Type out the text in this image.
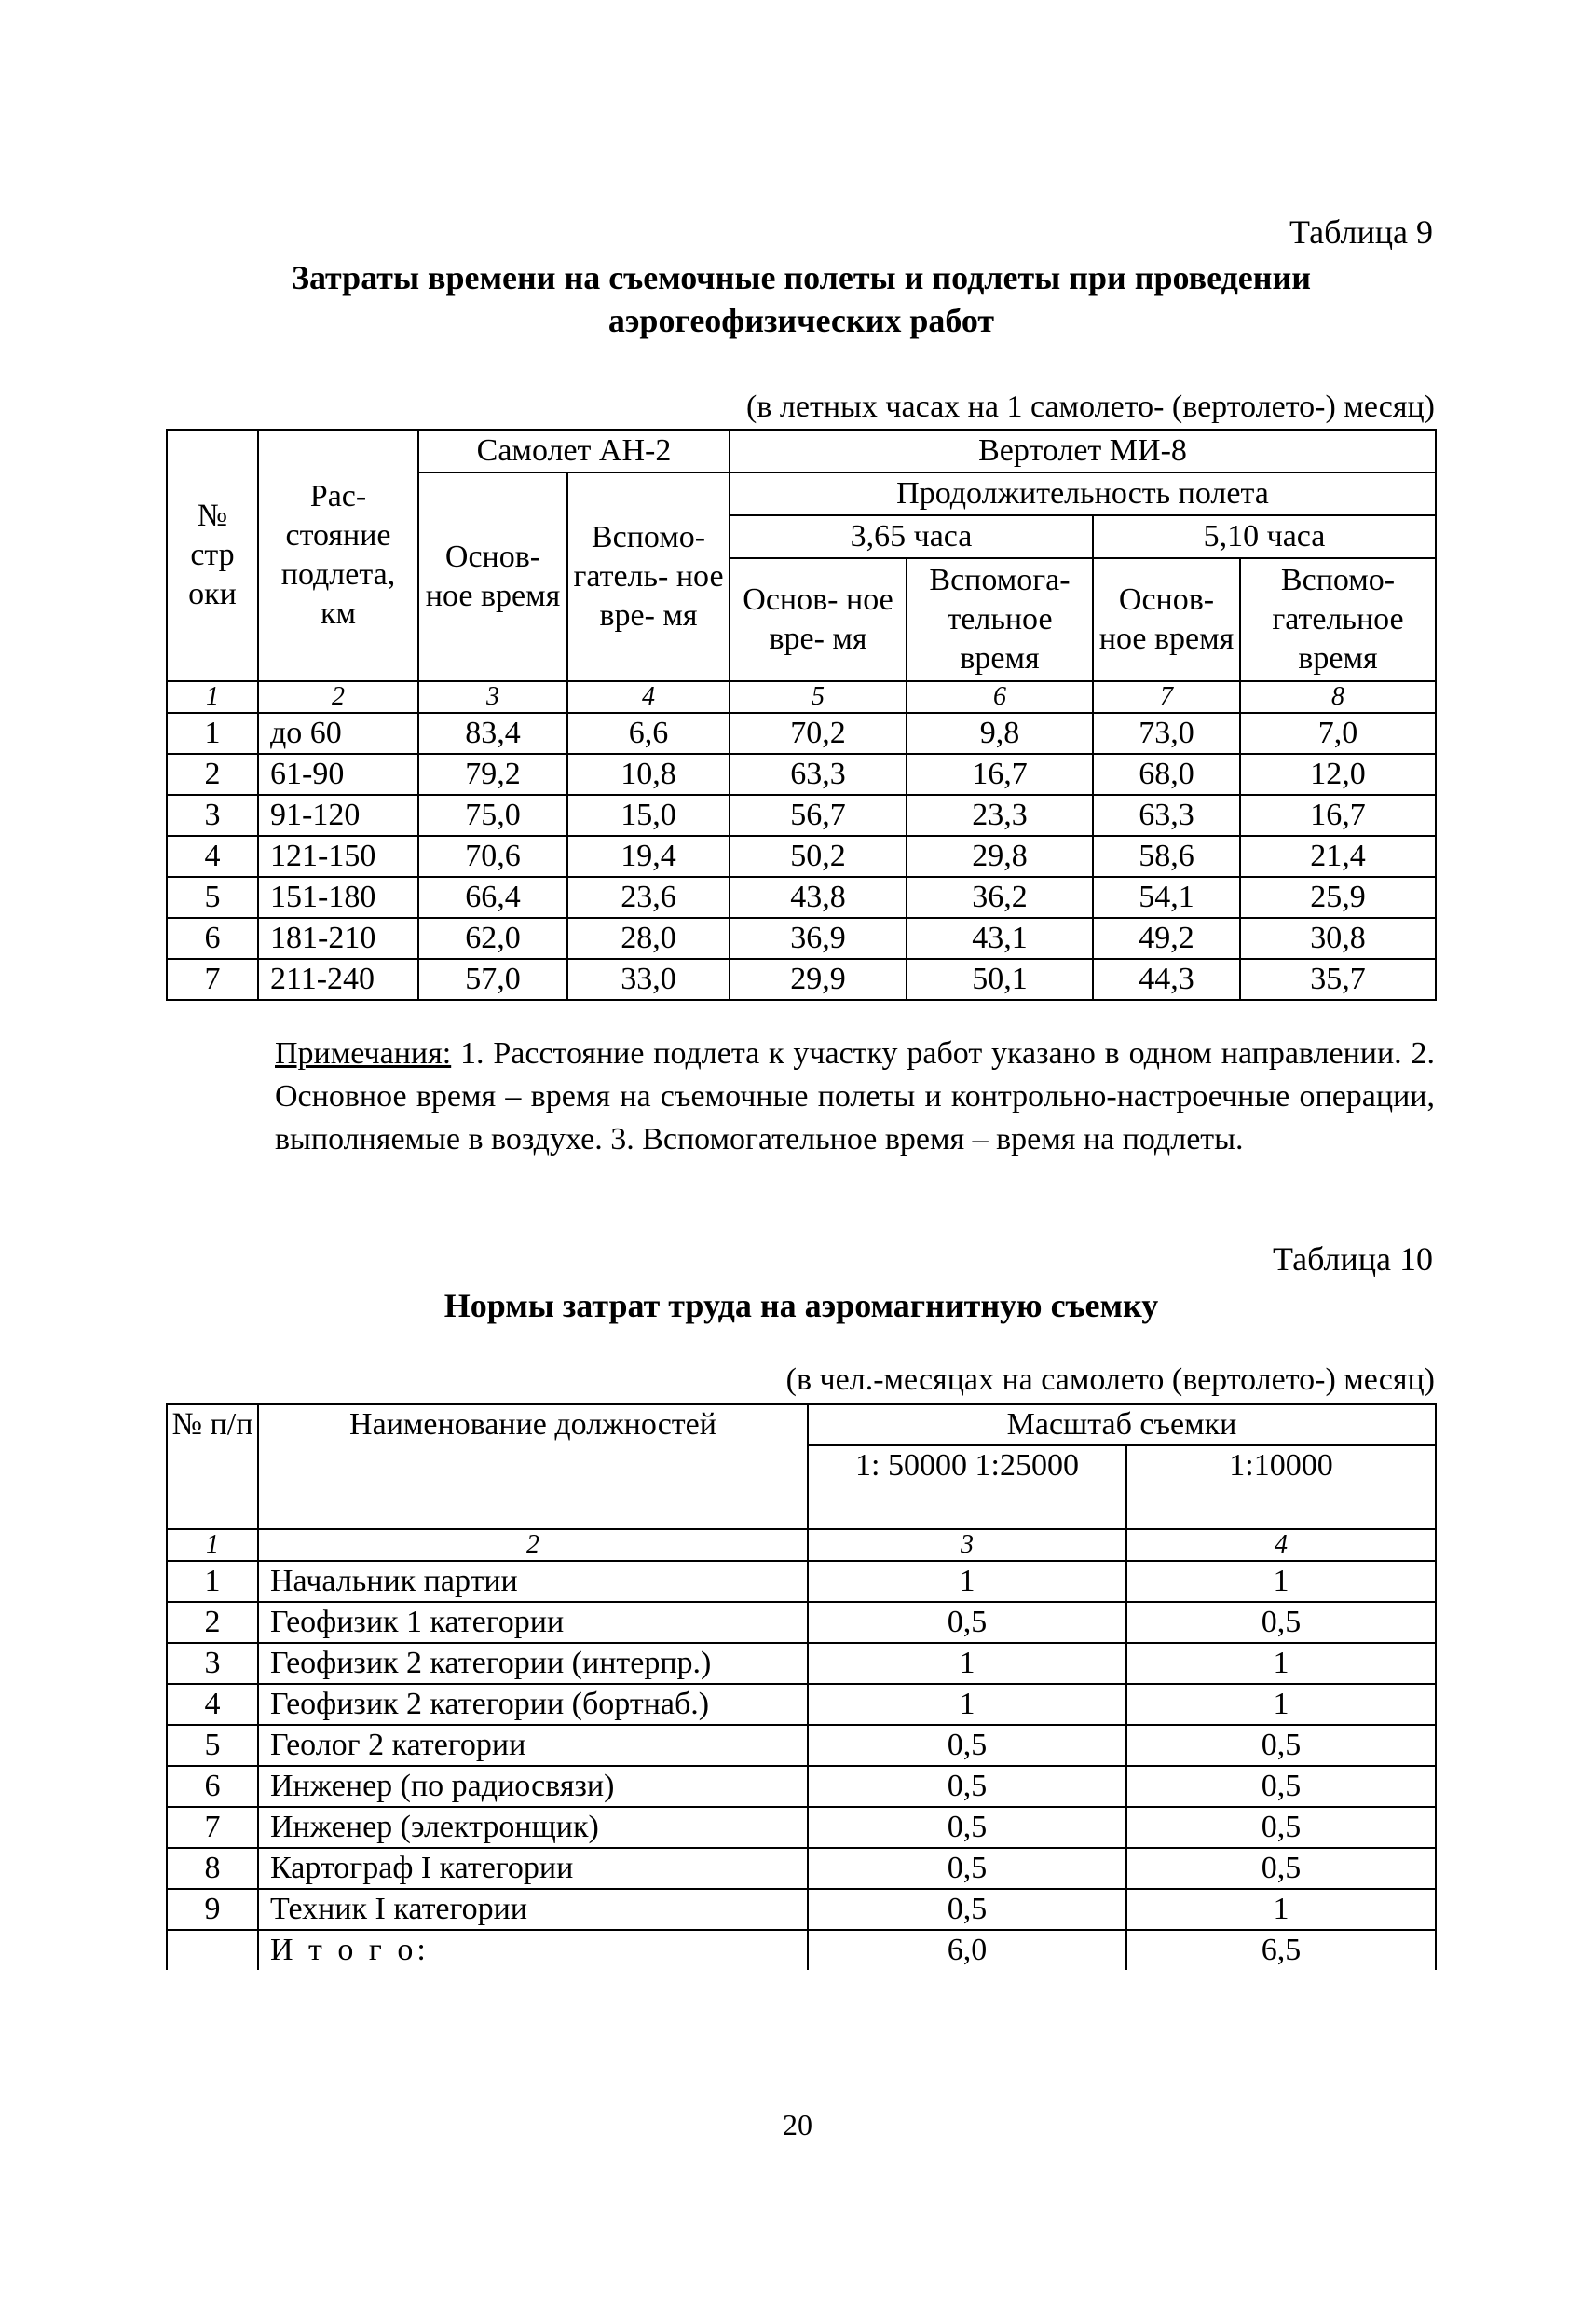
Таблица 9
Затраты времени на съемочные полеты и подлеты при проведении
аэрогеофизических работ
(в летных часах на 1 самолето- (вертолето-) месяц)
№ стр оки	Рас- стояние подлета, км	Самолет АН-2		Вертолет МИ-8			
		Основ- ное время	Вспомо- гатель- ное вре- мя	Продолжительность полета			
				3,65 часа		5,10 часа	
				Основ- ное вре- мя	Вспомога- тельное время	Основ- ное время	Вспомо- гательное время
1	2	3	4	5	6	7	8
1	до 60	83,4	6,6	70,2	9,8	73,0	7,0
2	61-90	79,2	10,8	63,3	16,7	68,0	12,0
3	91-120	75,0	15,0	56,7	23,3	63,3	16,7
4	121-150	70,6	19,4	50,2	29,8	58,6	21,4
5	151-180	66,4	23,6	43,8	36,2	54,1	25,9
6	181-210	62,0	28,0	36,9	43,1	49,2	30,8
7	211-240	57,0	33,0	29,9	50,1	44,3	35,7
Примечания: 1. Расстояние подлета к участку работ указано в одном направлении. 2. Основное время – время на съемочные полеты и контрольно-настроечные операции, выполняемые в воздухе. 3. Вспомогательное время – время на подлеты.
Таблица 10
Нормы затрат труда на аэромагнитную съемку
(в чел.-месяцах на самолето (вертолето-) месяц)
№ п/п	Наименование должностей	Масштаб съемки	
		1: 50000 1:25000	1:10000
1	2	3	4
1	Начальник партии	1	1
2	Геофизик 1 категории	0,5	0,5
3	Геофизик 2 категории (интерпр.)	1	1
4	Геофизик 2 категории (бортнаб.)	1	1
5	Геолог 2 категории	0,5	0,5
6	Инженер (по радиосвязи)	0,5	0,5
7	Инженер (электронщик)	0,5	0,5
8	Картограф I категории	0,5	0,5
9	Техник I категории	0,5	1
	И т о г о:	6,0	6,5
20
